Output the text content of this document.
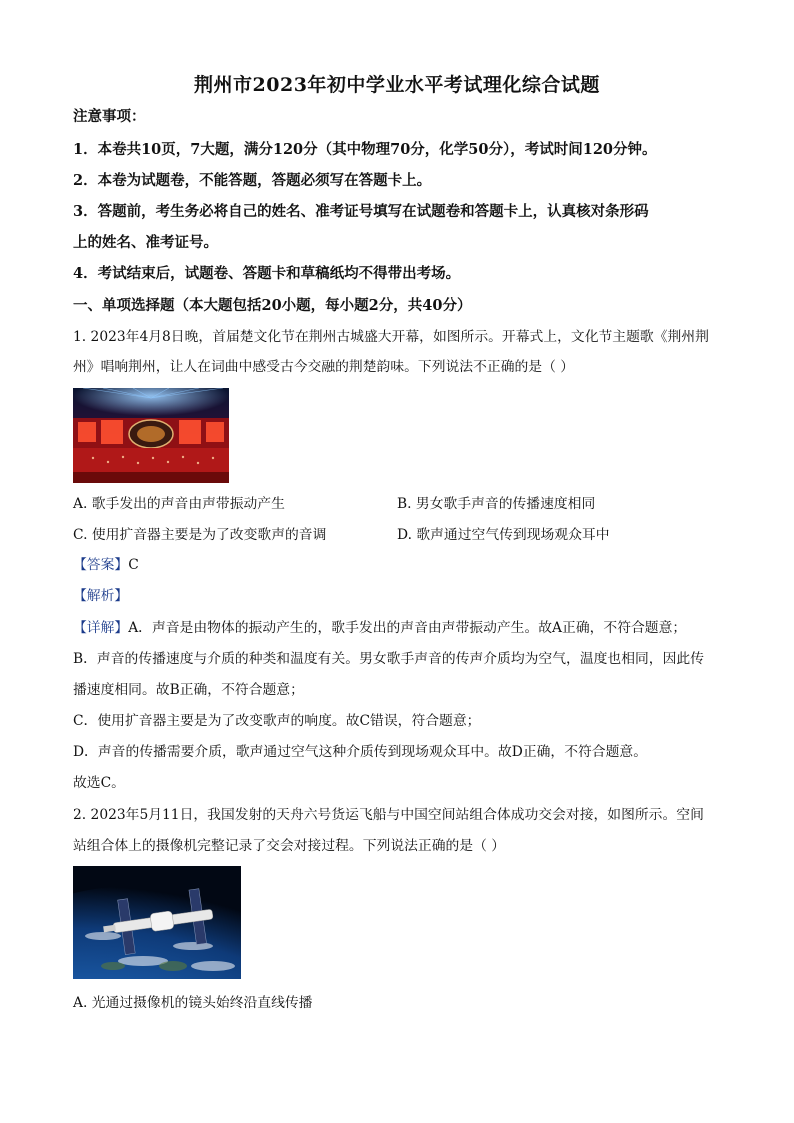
荆州市2023年初中学业水平考试理化综合试题
注意事项：
1．本卷共10页，7大题，满分120分（其中物理70分，化学50分），考试时间120分钟。
2．本卷为试题卷，不能答题，答题必须写在答题卡上。
3．答题前，考生务必将自己的姓名、准考证号填写在试题卷和答题卡上，认真核对条形码
上的姓名、准考证号。
4．考试结束后，试题卷、答题卡和草稿纸均不得带出考场。
一、单项选择题（本大题包括20小题，每小题2分，共40分）
1. 2023年4月8日晚，首届楚文化节在荆州古城盛大开幕，如图所示。开幕式上，文化节主题歌《荆州荆
州》唱响荆州，让人在词曲中感受古今交融的荆楚韵味。下列说法不正确的是（ ）
A. 歌手发出的声音由声带振动产生	B. 男女歌手声音的传播速度相同
C. 使用扩音器主要是为了改变歌声的音调	D. 歌声通过空气传到现场观众耳中
【答案】C
【解析】
【详解】A．声音是由物体的振动产生的，歌手发出的声音由声带振动产生。故A正确，不符合题意；
B．声音的传播速度与介质的种类和温度有关。男女歌手声音的传声介质均为空气，温度也相同，因此传
播速度相同。故B正确，不符合题意；
C．使用扩音器主要是为了改变歌声的响度。故C错误，符合题意；
D．声音的传播需要介质，歌声通过空气这种介质传到现场观众耳中。故D正确，不符合题意。
故选C。
2. 2023年5月11日，我国发射的天舟六号货运飞船与中国空间站组合体成功交会对接，如图所示。空间
站组合体上的摄像机完整记录了交会对接过程。下列说法正确的是（ ）
A. 光通过摄像机的镜头始终沿直线传播
